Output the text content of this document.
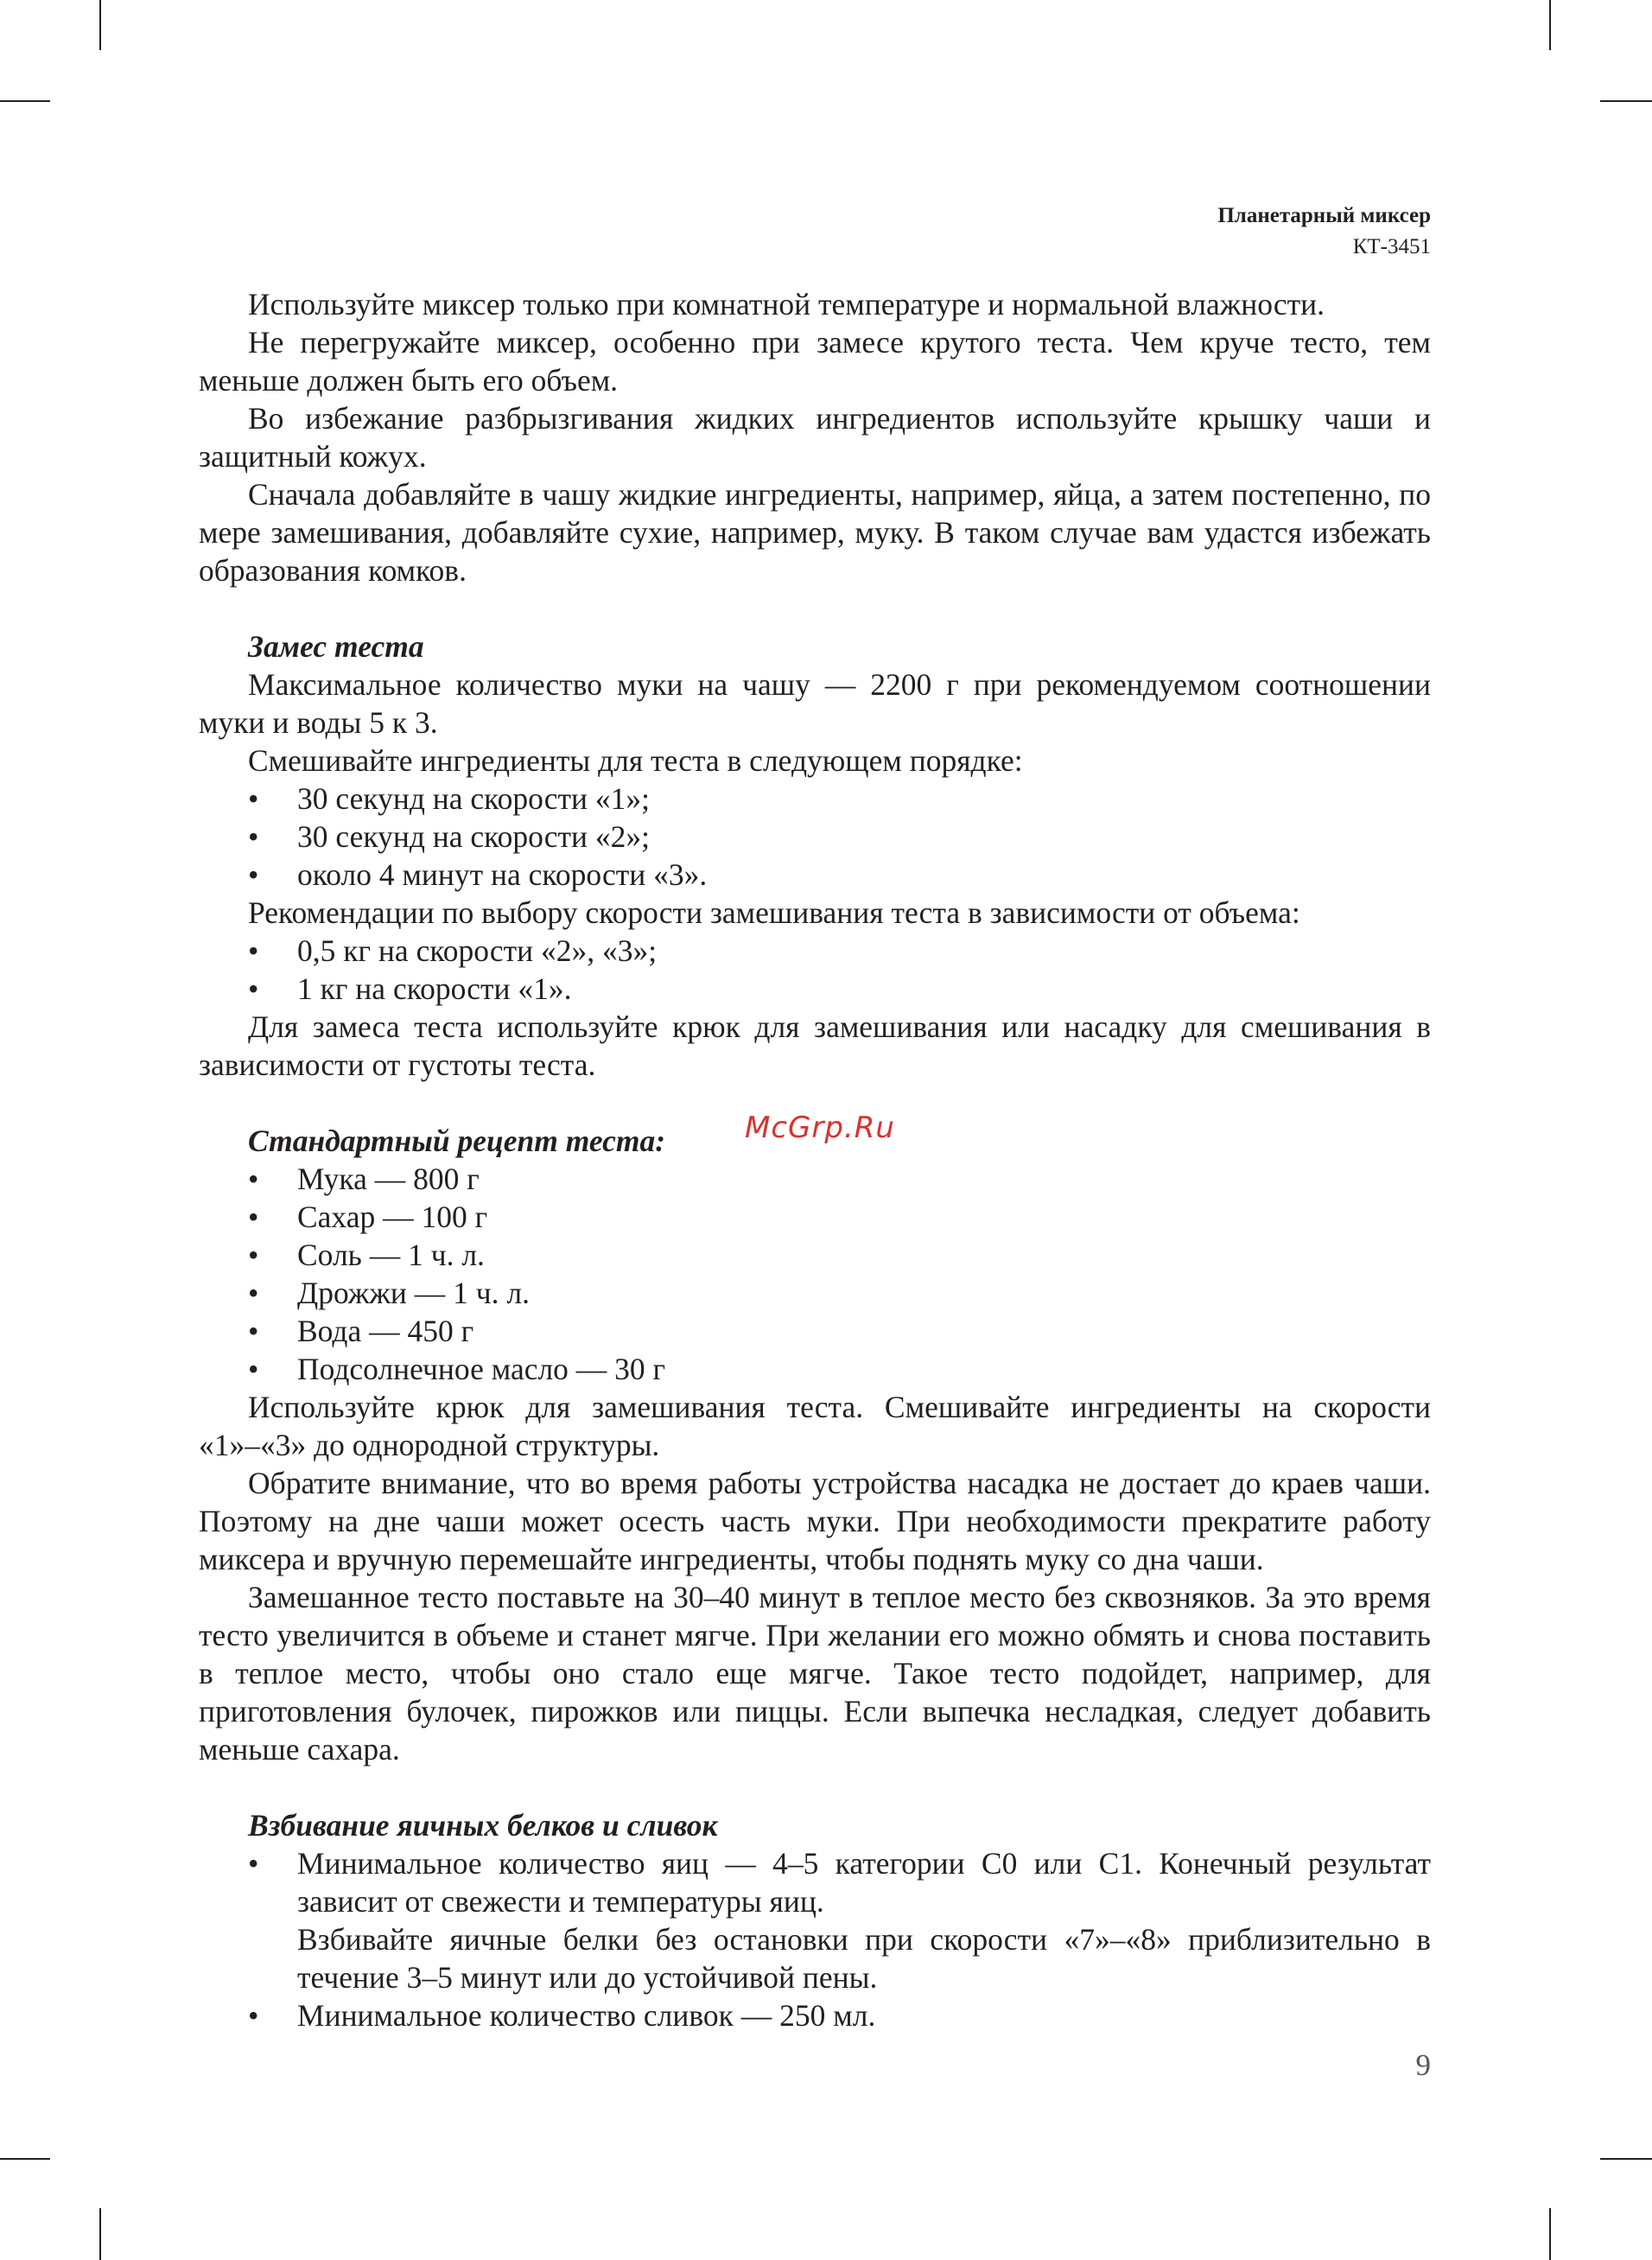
Планетарный миксер
КТ-3451

Используйте миксер только при комнатной температуре и нормальной влажности.

Не перегружайте миксер, особенно при замесе крутого теста. Чем круче тесто, тем меньше должен быть его объем.

Во избежание разбрызгивания жидких ингредиентов используйте крышку чаши и защитный кожух.

Сначала добавляйте в чашу жидкие ингредиенты, например, яйца, а затем постепенно, по мере замешивания, добавляйте сухие, например, муку. В таком случае вам удастся избежать образования комков.

Замес теста

Максимальное количество муки на чашу — 2200 г при рекомендуемом соотношении муки и воды 5 к 3.

Смешивайте ингредиенты для теста в следующем порядке:

• 30 секунд на скорости «1»;

• 30 секунд на скорости «2»;

• около 4 минут на скорости «3».

Рекомендации по выбору скорости замешивания теста в зависимости от объема:

• 0,5 кг на скорости «2», «3»;

• 1 кг на скорости «1».

Для замеса теста используйте крюк для замешивания или насадку для смешивания в зависимости от густоты теста.

Стандартный рецепт теста:

• Мука — 800 г

• Сахар — 100 г

• Соль — 1 ч. л.

• Дрожжи — 1 ч. л.

• Вода — 450 г

• Подсолнечное масло — 30 г

Используйте крюк для замешивания теста. Смешивайте ингредиенты на скорости «1»–«3» до однородной структуры.

Обратите внимание, что во время работы устройства насадка не достает до краев чаши. Поэтому на дне чаши может осесть часть муки. При необходимости прекратите работу миксера и вручную перемешайте ингредиенты, чтобы поднять муку со дна чаши.

Замешанное тесто поставьте на 30–40 минут в теплое место без сквозняков. За это время тесто увеличится в объеме и станет мягче. При желании его можно обмять и снова поставить в теплое место, чтобы оно стало еще мягче. Такое тесто подойдет, например, для приготовления булочек, пирожков или пиццы. Если выпечка несладкая, следует добавить меньше сахара.

Взбивание яичных белков и сливок

• Минимальное количество яиц — 4–5 категории С0 или С1. Конечный результат зависит от свежести и температуры яиц.
Взбивайте яичные белки без остановки при скорости «7»–«8» приблизительно в течение 3–5 минут или до устойчивой пены.

• Минимальное количество сливок — 250 мл.

McGrp.Ru
9
